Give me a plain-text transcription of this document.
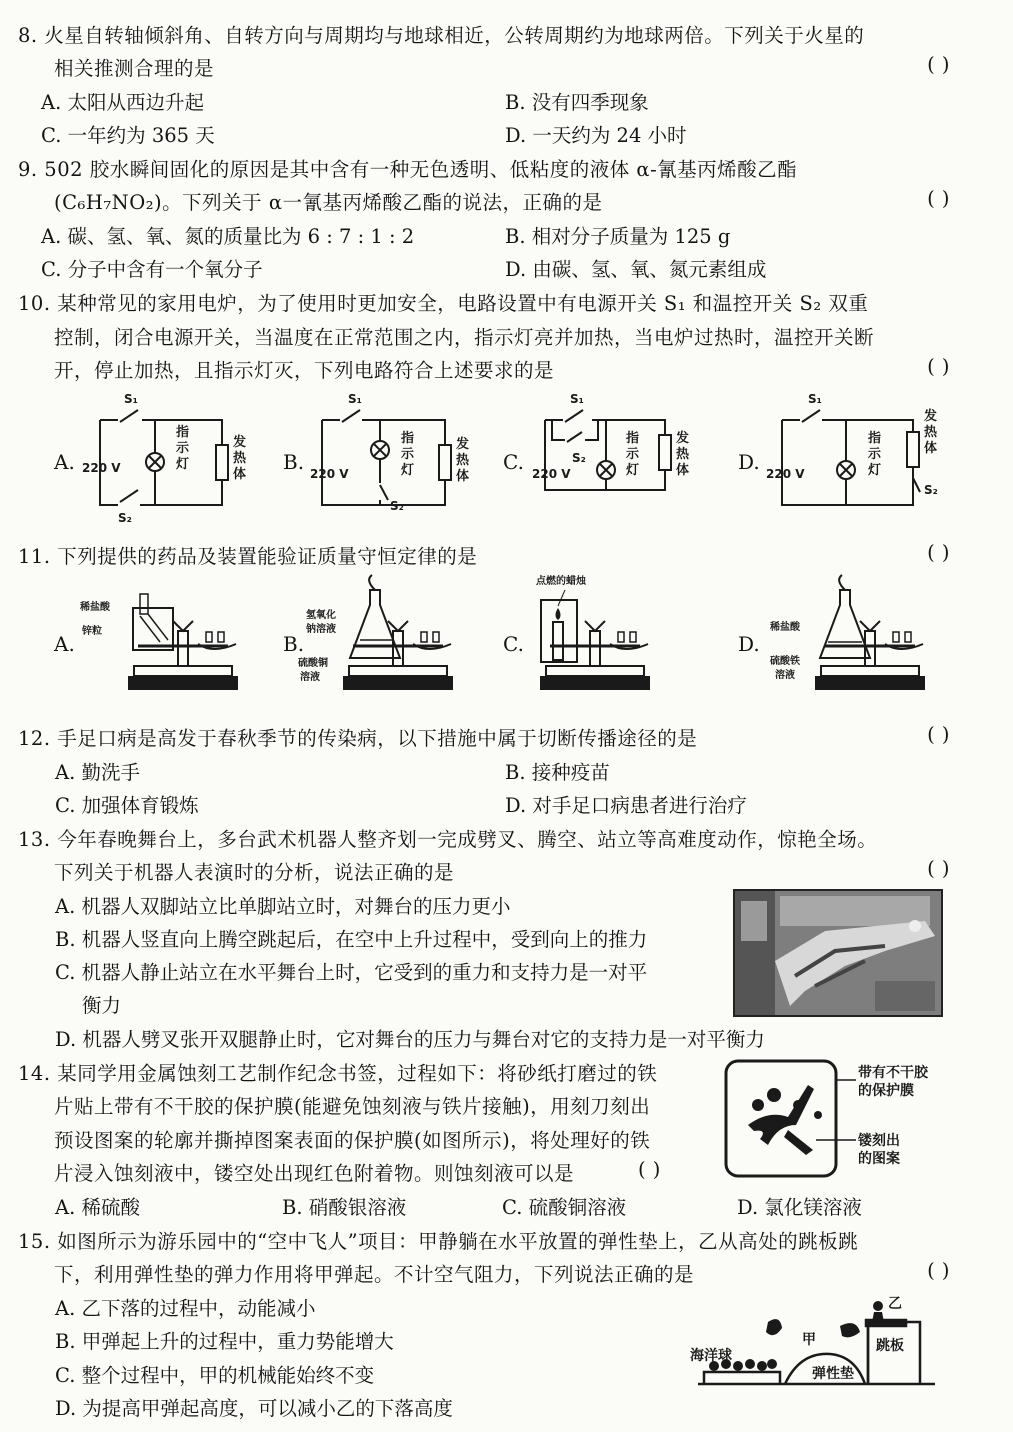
8. 火星自转轴倾斜角、自转方向与周期均与地球相近，公转周期约为地球两倍。下列关于火星的
相关推测合理的是	( )
A. 太阳从西边升起	B. 没有四季现象
C. 一年约为 365 天	D. 一天约为 24 小时
9. 502 胶水瞬间固化的原因是其中含有一种无色透明、低粘度的液体 α-氰基丙烯酸乙酯
(C₆H₇NO₂)。下列关于 α一氰基丙烯酸乙酯的说法，正确的是	( )
A. 碳、氢、氧、氮的质量比为 6 : 7 : 1 : 2	B. 相对分子质量为 125 g
C. 分子中含有一个氧分子	D. 由碳、氢、氧、氮元素组成
10. 某种常见的家用电炉，为了使用时更加安全，电路设置中有电源开关 S₁ 和温控开关 S₂ 双重
控制，闭合电源开关，当温度在正常范围之内，指示灯亮并加热，当电炉过热时，温控开关断
开，停止加热，且指示灯灭，下列电路符合上述要求的是	( )
A.	B.	C.	D.
S₁
S₂
220 V
S₁
S₂
220 V
S₁
S₂
220 V
S₁
S₂
220 V
指
示
灯
指
示
灯
指
示
灯
指
示
灯
发
热
体
发
热
体
发
热
体
发
热
体
11. 下列提供的药品及装置能验证质量守恒定律的是	( )
A.	B.	C.	D.
稀盐酸
锌粒
氢氧化
钠溶液
硫酸铜
溶液
点燃的蜡烛
稀盐酸
硫酸铁
溶液
12. 手足口病是高发于春秋季节的传染病，以下措施中属于切断传播途径的是	( )
A. 勤洗手	B. 接种疫苗
C. 加强体育锻炼	D. 对手足口病患者进行治疗
13. 今年春晚舞台上，多台武术机器人整齐划一完成劈叉、腾空、站立等高难度动作，惊艳全场。
下列关于机器人表演时的分析，说法正确的是	( )
A. 机器人双脚站立比单脚站立时，对舞台的压力更小
B. 机器人竖直向上腾空跳起后，在空中上升过程中，受到向上的推力
C. 机器人静止站立在水平舞台上时，它受到的重力和支持力是一对平
衡力
D. 机器人劈叉张开双腿静止时，它对舞台的压力与舞台对它的支持力是一对平衡力
14. 某同学用金属蚀刻工艺制作纪念书签，过程如下：将砂纸打磨过的铁
片贴上带有不干胶的保护膜(能避免蚀刻液与铁片接触)，用刻刀刻出
预设图案的轮廓并撕掉图案表面的保护膜(如图所示)，将处理好的铁
片浸入蚀刻液中，镂空处出现红色附着物。则蚀刻液可以是	( )
A. 稀硫酸	B. 硝酸银溶液	C. 硫酸铜溶液	D. 氯化镁溶液
带有不干胶
的保护膜
镂刻出
的图案
15. 如图所示为游乐园中的“空中飞人”项目：甲静躺在水平放置的弹性垫上，乙从高处的跳板跳
下，利用弹性垫的弹力作用将甲弹起。不计空气阻力，下列说法正确的是	( )
A. 乙下落的过程中，动能减小
B. 甲弹起上升的过程中，重力势能增大
C. 整个过程中，甲的机械能始终不变
D. 为提高甲弹起高度，可以减小乙的下落高度
乙
甲
海洋球
跳板
弹性垫
